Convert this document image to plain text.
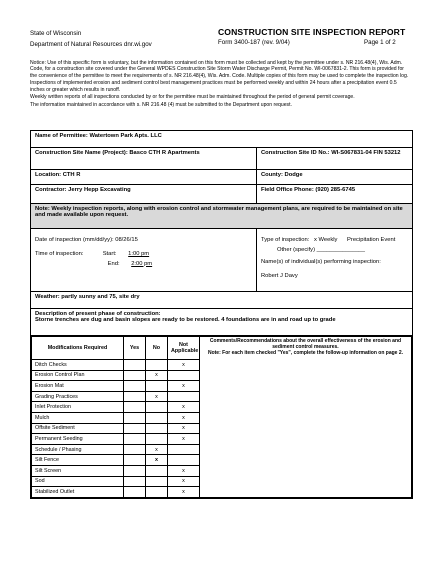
State of Wisconsin
Department of Natural Resources dnr.wi.gov
CONSTRUCTION SITE INSPECTION REPORT
Form 3400-187 (rev. 9/04)	Page 1 of 2

Notice: Use of this specific form is voluntary, but the information contained on this form must be collected and kept by the permittee under s. NR 216.48(4), Wis. Adm. Code, for a construction site covered under the General WPDES Construction Site Storm Water Discharge Permit, Permit No. WI-0067831-2. This form is provided for the convenience of the permittee to meet the requirements of s. NR 216.48(4), Wis. Adm. Code. Multiple copies of this form may be used to complete the inspection log.

Inspections of implemented erosion and sediment control best management practices must be performed weekly and within 24 hours after a precipitation event 0.5 inches or greater which results in runoff.

Weekly written reports of all inspections conducted by or for the permittee must be maintained throughout the period of general permit coverage.

The information maintained in accordance with s. NR 216.48 (4) must be submitted to the Department upon request.

Name of Permittee: Watertown Park Apts. LLC
Construction Site Name (Project): Basco CTH R Apartments	Construction Site ID No.: WI-S067831-04 FIN 53212
Location: CTH R	County: Dodge
Contractor: Jerry Hepp Excavating	Field Office Phone: (920) 285-6745
Note: Weekly inspection reports, along with erosion control and stormwater management plans, are required to be maintained on site and made available upon request.

Date of inspection (mm/dd/yy): 08/26/15
Time of inspection:	Start: 1:00 pm
End: 2:00 pm

Type of inspection: x Weekly Precipitation Event
Other (specify) _______________
Name(s) of individual(s) performing inspection:
Robert J Davy

Weather: partly sunny and 75, site dry

Description of present phase of construction:
Storne trenches are dug and basin slopes are ready to be restored. 4 foundations are in and road up to grade

Modifications Required	Yes	No	Not Applicable	Comments/Recommendations about the overall effectiveness of the erosion and sediment control measures.
Note: For each item checked "Yes", complete the follow-up information on page 2.
Ditch Checks			x
Erosion Control Plan		x	
Erosion Mat			x
Grading Practices		x	
Inlet Protection			x
Mulch			x
Offsite Sediment			x
Permanent Seeding			x
Schedule / Phasing		x	
Silt Fence		x	
Silt Screen			x
Sod			x
Stabilized Outlet			x
